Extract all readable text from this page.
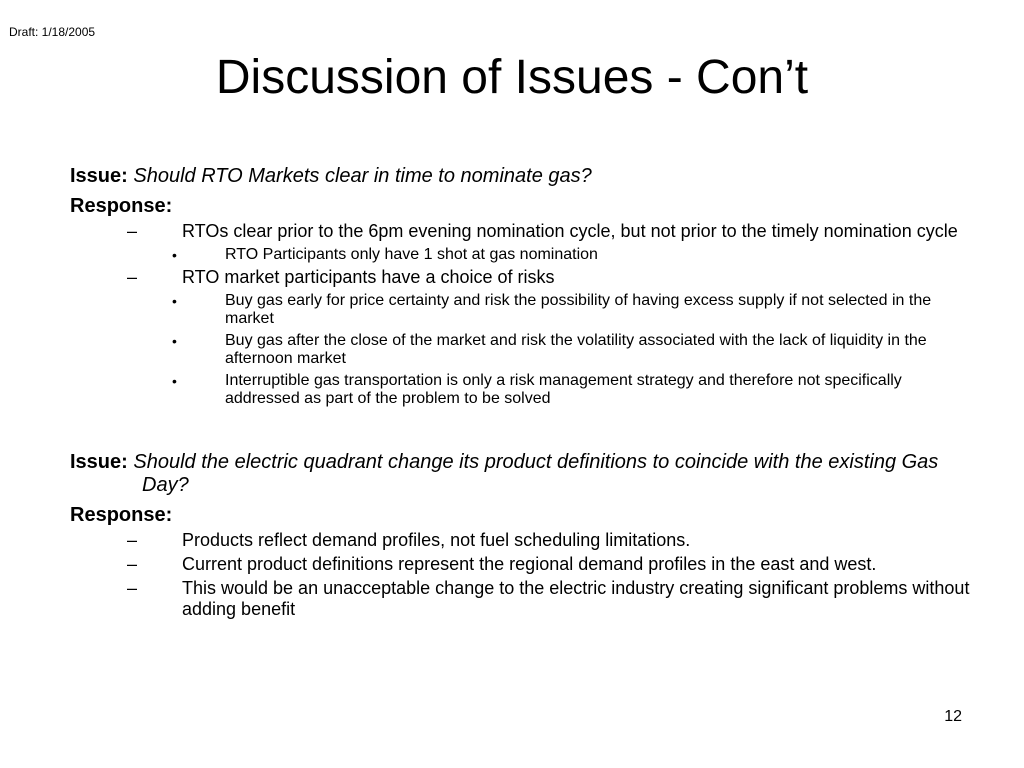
Draft: 1/18/2005
Discussion of Issues - Con’t
Issue: Should RTO Markets clear in time to nominate gas?
Response:
– RTOs clear prior to the 6pm evening nomination cycle, but not prior to the timely nomination cycle
•	RTO Participants only have 1 shot at gas nomination
– RTO market participants have a choice of risks
•	Buy gas early for price certainty and risk the possibility of having excess supply if not selected in the market
•	Buy gas after the close of the market and risk the volatility associated with the lack of liquidity in the afternoon market
•	Interruptible gas transportation is only a risk management strategy and therefore not specifically addressed as part of the problem to be solved
Issue: Should the electric quadrant change its product definitions to coincide with the existing Gas Day?
Response:
– Products reflect demand profiles, not fuel scheduling limitations.
– Current product definitions represent the regional demand profiles in the east and west.
– This would be an unacceptable change to the electric industry creating significant problems without adding benefit
12
